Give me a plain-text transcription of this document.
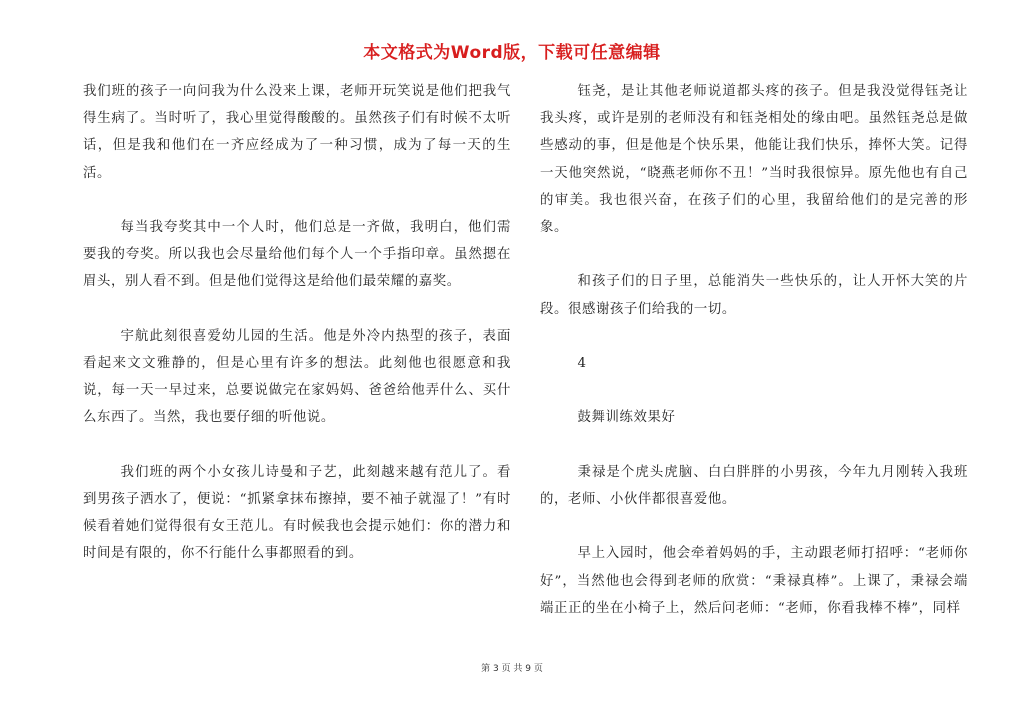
本文格式为Word版，下载可任意编辑

我们班的孩子一向问我为什么没来上课，老师开玩笑说是他们把我气得生病了。当时听了，我心里觉得酸酸的。虽然孩子们有时候不太听话，但是我和他们在一齐应经成为了一种习惯，成为了每一天的生活。

每当我夸奖其中一个人时，他们总是一齐做，我明白，他们需要我的夸奖。所以我也会尽量给他们每个人一个手指印章。虽然摁在眉头，别人看不到。但是他们觉得这是给他们最荣耀的嘉奖。

宇航此刻很喜爱幼儿园的生活。他是外冷内热型的孩子，表面看起来文文雅静的，但是心里有许多的想法。此刻他也很愿意和我说，每一天一早过来，总要说做完在家妈妈、爸爸给他弄什么、买什么东西了。当然，我也要仔细的听他说。

我们班的两个小女孩儿诗曼和子艺，此刻越来越有范儿了。看到男孩子洒水了，便说：“抓紧拿抹布擦掉，要不袖子就湿了！”有时候看着她们觉得很有女王范儿。有时候我也会提示她们：你的潜力和时间是有限的，你不行能什么事都照看的到。

钰尧，是让其他老师说道都头疼的孩子。但是我没觉得钰尧让我头疼，或许是别的老师没有和钰尧相处的缘由吧。虽然钰尧总是做些感动的事，但是他是个快乐果，他能让我们快乐，捧怀大笑。记得一天他突然说，“晓燕老师你不丑！”当时我很惊异。原先他也有自己的审美。我也很兴奋，在孩子们的心里，我留给他们的是完善的形象。

和孩子们的日子里，总能消失一些快乐的，让人开怀大笑的片段。很感谢孩子们给我的一切。

4

鼓舞训练效果好

秉禄是个虎头虎脑、白白胖胖的小男孩，今年九月刚转入我班的，老师、小伙伴都很喜爱他。

早上入园时，他会牵着妈妈的手，主动跟老师打招呼：“老师你好”，当然他也会得到老师的欣赏：“秉禄真棒”。上课了，秉禄会端端正正的坐在小椅子上，然后问老师：“老师，你看我棒不棒”，同样

第 3 页 共 9 页
